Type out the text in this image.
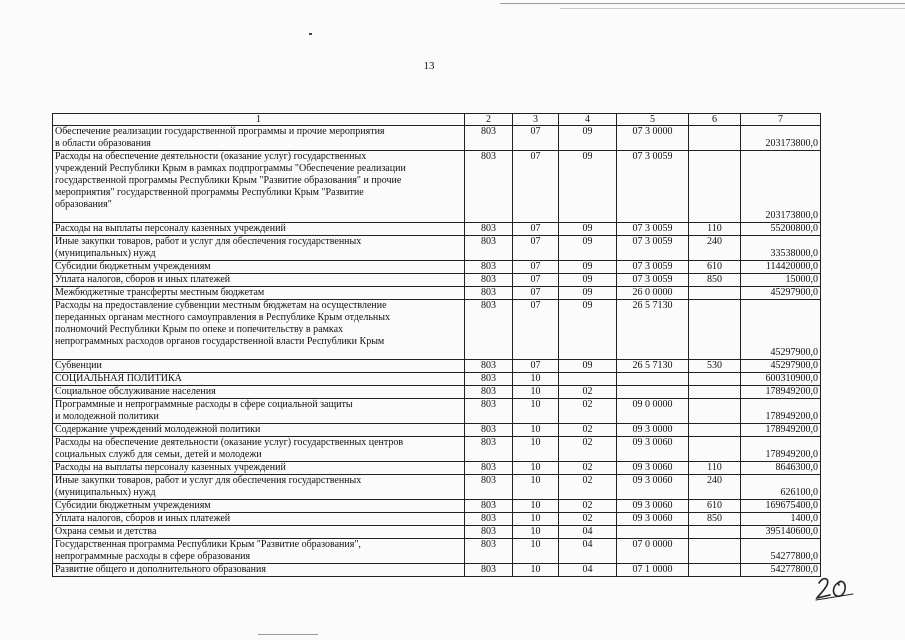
13
1	2	3	4	5	6	7
Обеспечение реализации государственной программы и прочие мероприятия
в области образования	803	07	09	07 3 0000		203173800,0
Расходы на обеспечение деятельности (оказание услуг) государственных
учреждений Республики Крым в рамках подпрограммы "Обеспечение реализации
государственной программы Республики Крым "Развитие образования" и прочие
мероприятия" государственной программы Республики Крым "Развитие
образования"	803	07	09	07 3 0059		203173800,0
Расходы на выплаты персоналу казенных учреждений	803	07	09	07 3 0059	110	55200800,0
Иные закупки товаров, работ и услуг для обеспечения государственных
(муниципальных) нужд	803	07	09	07 3 0059	240	33538000,0
Субсидии бюджетным учреждениям	803	07	09	07 3 0059	610	114420000,0
Уплата налогов, сборов и иных платежей	803	07	09	07 3 0059	850	15000,0
Межбюджетные трансферты местным бюджетам	803	07	09	26 0 0000		45297900,0
Расходы на предоставление субвенции местным бюджетам на осуществление
переданных органам местного самоуправления в Республике Крым отдельных
полномочий Республики Крым по опеке и попечительству в рамках
непрограммных расходов органов государственной власти Республики Крым	803	07	09	26 5 7130		45297900,0
Субвенции	803	07	09	26 5 7130	530	45297900,0
СОЦИАЛЬНАЯ ПОЛИТИКА	803	10				600310900,0
Социальное обслуживание населения	803	10	02			178949200,0
Программные и непрограммные расходы в сфере социальной защиты
и молодежной политики	803	10	02	09 0 0000		178949200,0
Содержание учреждений молодежной политики	803	10	02	09 3 0000		178949200,0
Расходы на обеспечение деятельности (оказание услуг) государственных центров
социальных служб для семьи, детей и молодежи	803	10	02	09 3 0060		178949200,0
Расходы на выплаты персоналу казенных учреждений	803	10	02	09 3 0060	110	8646300,0
Иные закупки товаров, работ и услуг для обеспечения государственных
(муниципальных) нужд	803	10	02	09 3 0060	240	626100,0
Субсидии бюджетным учреждениям	803	10	02	09 3 0060	610	169675400,0
Уплата налогов, сборов и иных платежей	803	10	02	09 3 0060	850	1400,0
Охрана семьи и детства	803	10	04			395140600,0
Государственная программа Республики Крым "Развитие образования",
непрограммные расходы в сфере образования	803	10	04	07 0 0000		54277800,0
Развитие общего и дополнительного образования	803	10	04	07 1 0000		54277800,0
